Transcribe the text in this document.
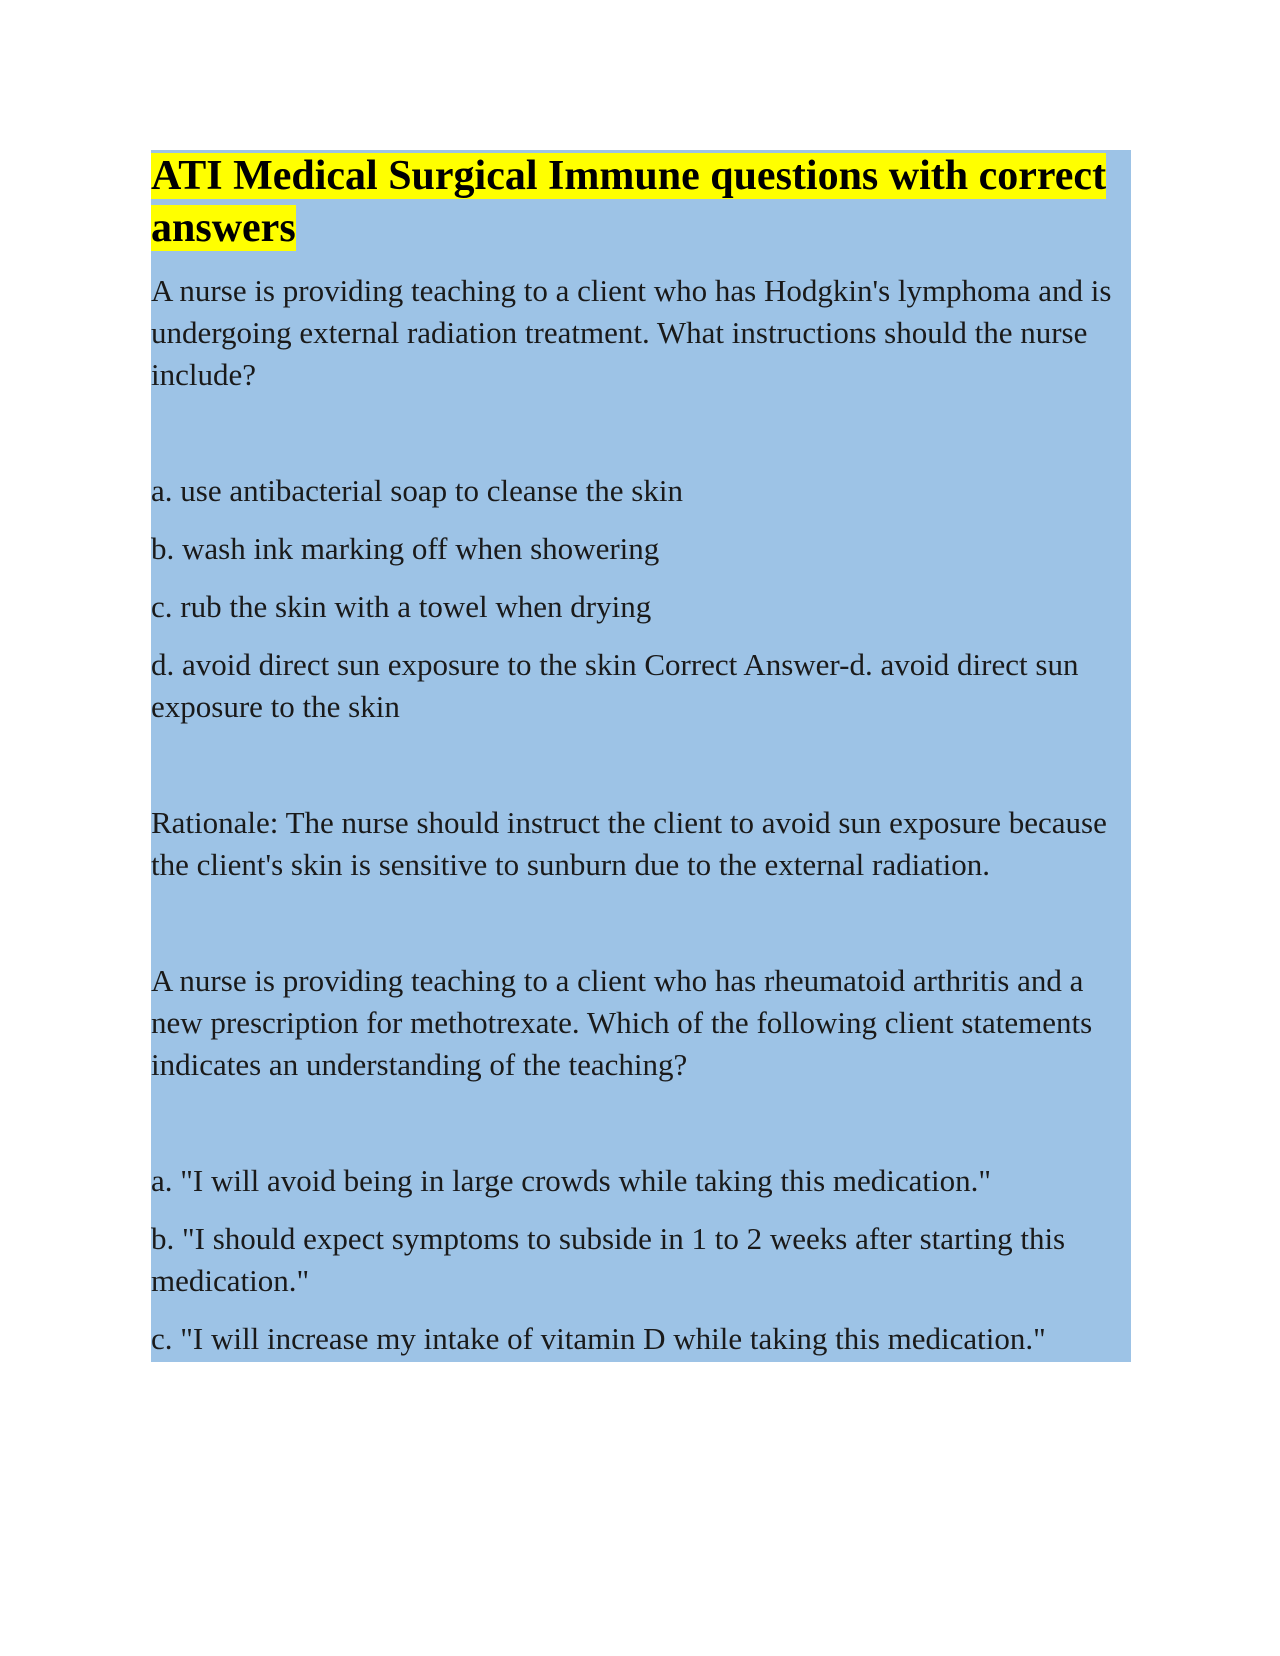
ATI Medical Surgical Immune questions with correct answers

A nurse is providing teaching to a client who has Hodgkin's lymphoma and is undergoing external radiation treatment. What instructions should the nurse include?

a. use antibacterial soap to cleanse the skin

b. wash ink marking off when showering

c. rub the skin with a towel when drying

d. avoid direct sun exposure to the skin Correct Answer-d. avoid direct sun exposure to the skin

Rationale: The nurse should instruct the client to avoid sun exposure because the client's skin is sensitive to sunburn due to the external radiation.

A nurse is providing teaching to a client who has rheumatoid arthritis and a new prescription for methotrexate. Which of the following client statements indicates an understanding of the teaching?

a. "I will avoid being in large crowds while taking this medication."

b. "I should expect symptoms to subside in 1 to 2 weeks after starting this medication."

c. "I will increase my intake of vitamin D while taking this medication."
